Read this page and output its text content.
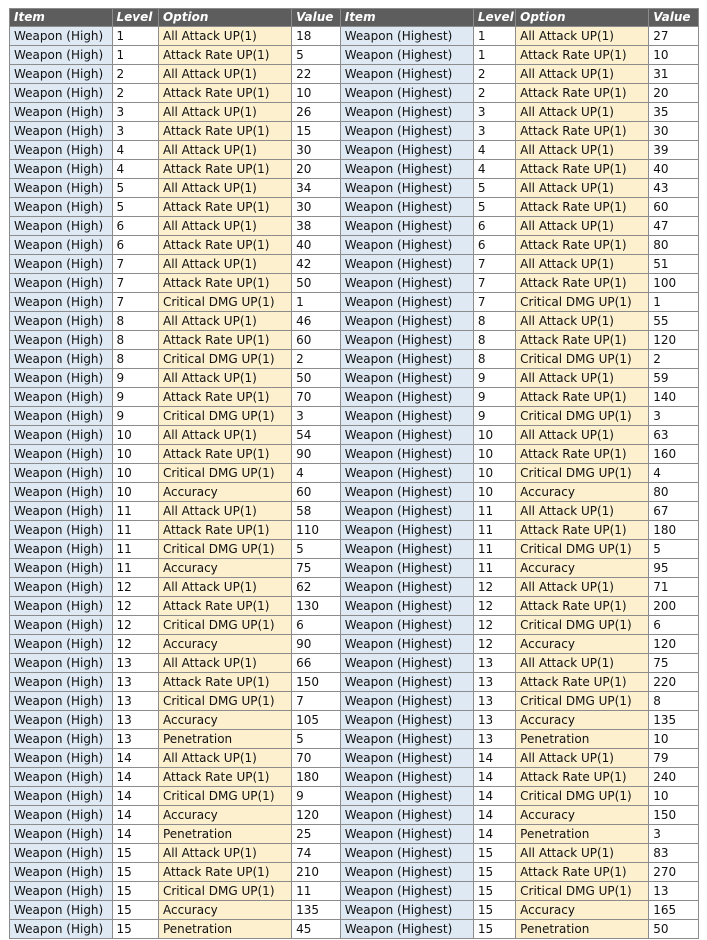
Item	Level	Option	Value	Item	Level	Option	Value
Weapon (High)	1	All Attack UP(1)	18	Weapon (Highest)	1	All Attack UP(1)	27
Weapon (High)	1	Attack Rate UP(1)	5	Weapon (Highest)	1	Attack Rate UP(1)	10
Weapon (High)	2	All Attack UP(1)	22	Weapon (Highest)	2	All Attack UP(1)	31
Weapon (High)	2	Attack Rate UP(1)	10	Weapon (Highest)	2	Attack Rate UP(1)	20
Weapon (High)	3	All Attack UP(1)	26	Weapon (Highest)	3	All Attack UP(1)	35
Weapon (High)	3	Attack Rate UP(1)	15	Weapon (Highest)	3	Attack Rate UP(1)	30
Weapon (High)	4	All Attack UP(1)	30	Weapon (Highest)	4	All Attack UP(1)	39
Weapon (High)	4	Attack Rate UP(1)	20	Weapon (Highest)	4	Attack Rate UP(1)	40
Weapon (High)	5	All Attack UP(1)	34	Weapon (Highest)	5	All Attack UP(1)	43
Weapon (High)	5	Attack Rate UP(1)	30	Weapon (Highest)	5	Attack Rate UP(1)	60
Weapon (High)	6	All Attack UP(1)	38	Weapon (Highest)	6	All Attack UP(1)	47
Weapon (High)	6	Attack Rate UP(1)	40	Weapon (Highest)	6	Attack Rate UP(1)	80
Weapon (High)	7	All Attack UP(1)	42	Weapon (Highest)	7	All Attack UP(1)	51
Weapon (High)	7	Attack Rate UP(1)	50	Weapon (Highest)	7	Attack Rate UP(1)	100
Weapon (High)	7	Critical DMG UP(1)	1	Weapon (Highest)	7	Critical DMG UP(1)	1
Weapon (High)	8	All Attack UP(1)	46	Weapon (Highest)	8	All Attack UP(1)	55
Weapon (High)	8	Attack Rate UP(1)	60	Weapon (Highest)	8	Attack Rate UP(1)	120
Weapon (High)	8	Critical DMG UP(1)	2	Weapon (Highest)	8	Critical DMG UP(1)	2
Weapon (High)	9	All Attack UP(1)	50	Weapon (Highest)	9	All Attack UP(1)	59
Weapon (High)	9	Attack Rate UP(1)	70	Weapon (Highest)	9	Attack Rate UP(1)	140
Weapon (High)	9	Critical DMG UP(1)	3	Weapon (Highest)	9	Critical DMG UP(1)	3
Weapon (High)	10	All Attack UP(1)	54	Weapon (Highest)	10	All Attack UP(1)	63
Weapon (High)	10	Attack Rate UP(1)	90	Weapon (Highest)	10	Attack Rate UP(1)	160
Weapon (High)	10	Critical DMG UP(1)	4	Weapon (Highest)	10	Critical DMG UP(1)	4
Weapon (High)	10	Accuracy	60	Weapon (Highest)	10	Accuracy	80
Weapon (High)	11	All Attack UP(1)	58	Weapon (Highest)	11	All Attack UP(1)	67
Weapon (High)	11	Attack Rate UP(1)	110	Weapon (Highest)	11	Attack Rate UP(1)	180
Weapon (High)	11	Critical DMG UP(1)	5	Weapon (Highest)	11	Critical DMG UP(1)	5
Weapon (High)	11	Accuracy	75	Weapon (Highest)	11	Accuracy	95
Weapon (High)	12	All Attack UP(1)	62	Weapon (Highest)	12	All Attack UP(1)	71
Weapon (High)	12	Attack Rate UP(1)	130	Weapon (Highest)	12	Attack Rate UP(1)	200
Weapon (High)	12	Critical DMG UP(1)	6	Weapon (Highest)	12	Critical DMG UP(1)	6
Weapon (High)	12	Accuracy	90	Weapon (Highest)	12	Accuracy	120
Weapon (High)	13	All Attack UP(1)	66	Weapon (Highest)	13	All Attack UP(1)	75
Weapon (High)	13	Attack Rate UP(1)	150	Weapon (Highest)	13	Attack Rate UP(1)	220
Weapon (High)	13	Critical DMG UP(1)	7	Weapon (Highest)	13	Critical DMG UP(1)	8
Weapon (High)	13	Accuracy	105	Weapon (Highest)	13	Accuracy	135
Weapon (High)	13	Penetration	5	Weapon (Highest)	13	Penetration	10
Weapon (High)	14	All Attack UP(1)	70	Weapon (Highest)	14	All Attack UP(1)	79
Weapon (High)	14	Attack Rate UP(1)	180	Weapon (Highest)	14	Attack Rate UP(1)	240
Weapon (High)	14	Critical DMG UP(1)	9	Weapon (Highest)	14	Critical DMG UP(1)	10
Weapon (High)	14	Accuracy	120	Weapon (Highest)	14	Accuracy	150
Weapon (High)	14	Penetration	25	Weapon (Highest)	14	Penetration	3
Weapon (High)	15	All Attack UP(1)	74	Weapon (Highest)	15	All Attack UP(1)	83
Weapon (High)	15	Attack Rate UP(1)	210	Weapon (Highest)	15	Attack Rate UP(1)	270
Weapon (High)	15	Critical DMG UP(1)	11	Weapon (Highest)	15	Critical DMG UP(1)	13
Weapon (High)	15	Accuracy	135	Weapon (Highest)	15	Accuracy	165
Weapon (High)	15	Penetration	45	Weapon (Highest)	15	Penetration	50
